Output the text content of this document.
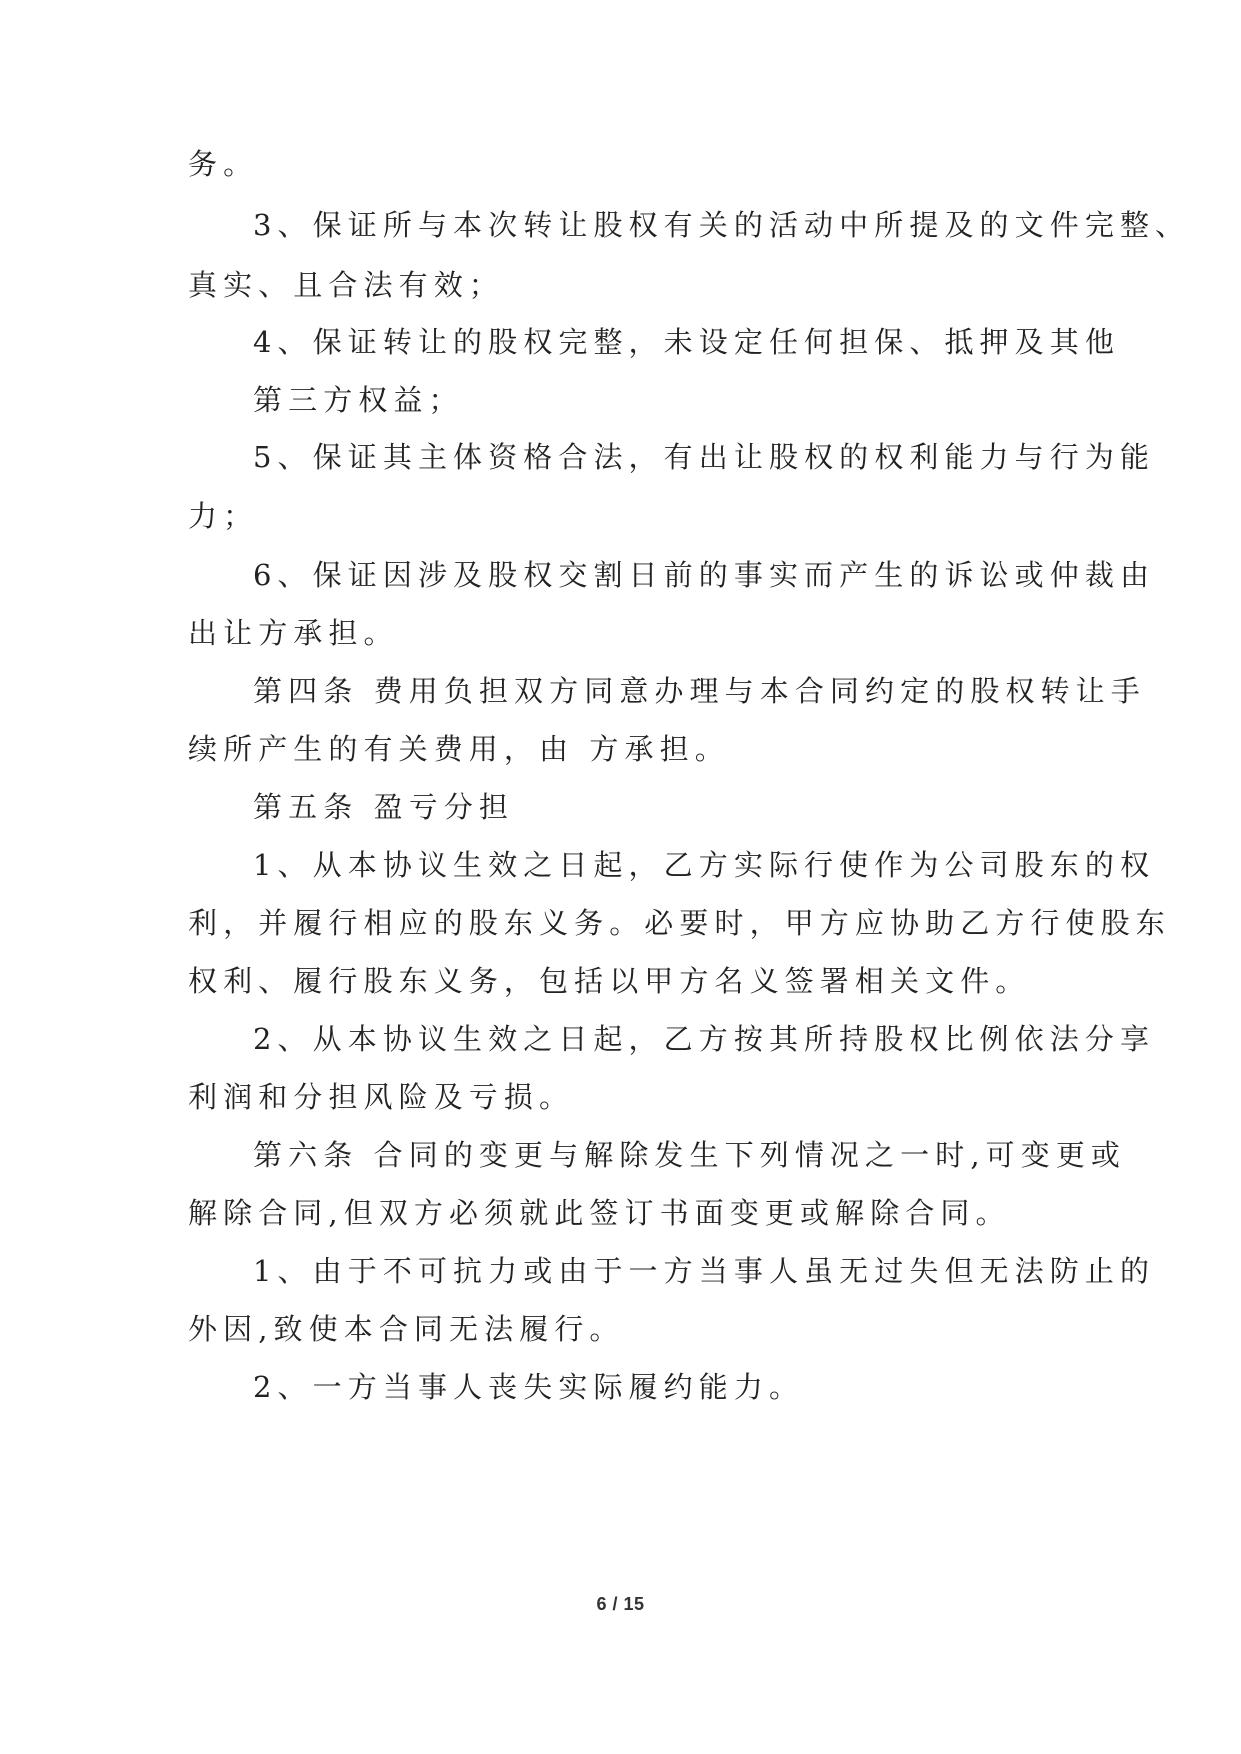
务。
3、保证所与本次转让股权有关的活动中所提及的文件完整、
真实、且合法有效；
4、保证转让的股权完整，未设定任何担保、抵押及其他
第三方权益；
5、保证其主体资格合法，有出让股权的权利能力与行为能
力；
6、保证因涉及股权交割日前的事实而产生的诉讼或仲裁由
出让方承担。
第四条 费用负担双方同意办理与本合同约定的股权转让手
续所产生的有关费用，由 方承担。
第五条 盈亏分担
1、从本协议生效之日起，乙方实际行使作为公司股东的权
利，并履行相应的股东义务。必要时，甲方应协助乙方行使股东
权利、履行股东义务，包括以甲方名义签署相关文件。
2、从本协议生效之日起，乙方按其所持股权比例依法分享
利润和分担风险及亏损。
第六条 合同的变更与解除发生下列情况之一时,可变更或
解除合同,但双方必须就此签订书面变更或解除合同。
1、由于不可抗力或由于一方当事人虽无过失但无法防止的
外因,致使本合同无法履行。
2、一方当事人丧失实际履约能力。
6 / 15
